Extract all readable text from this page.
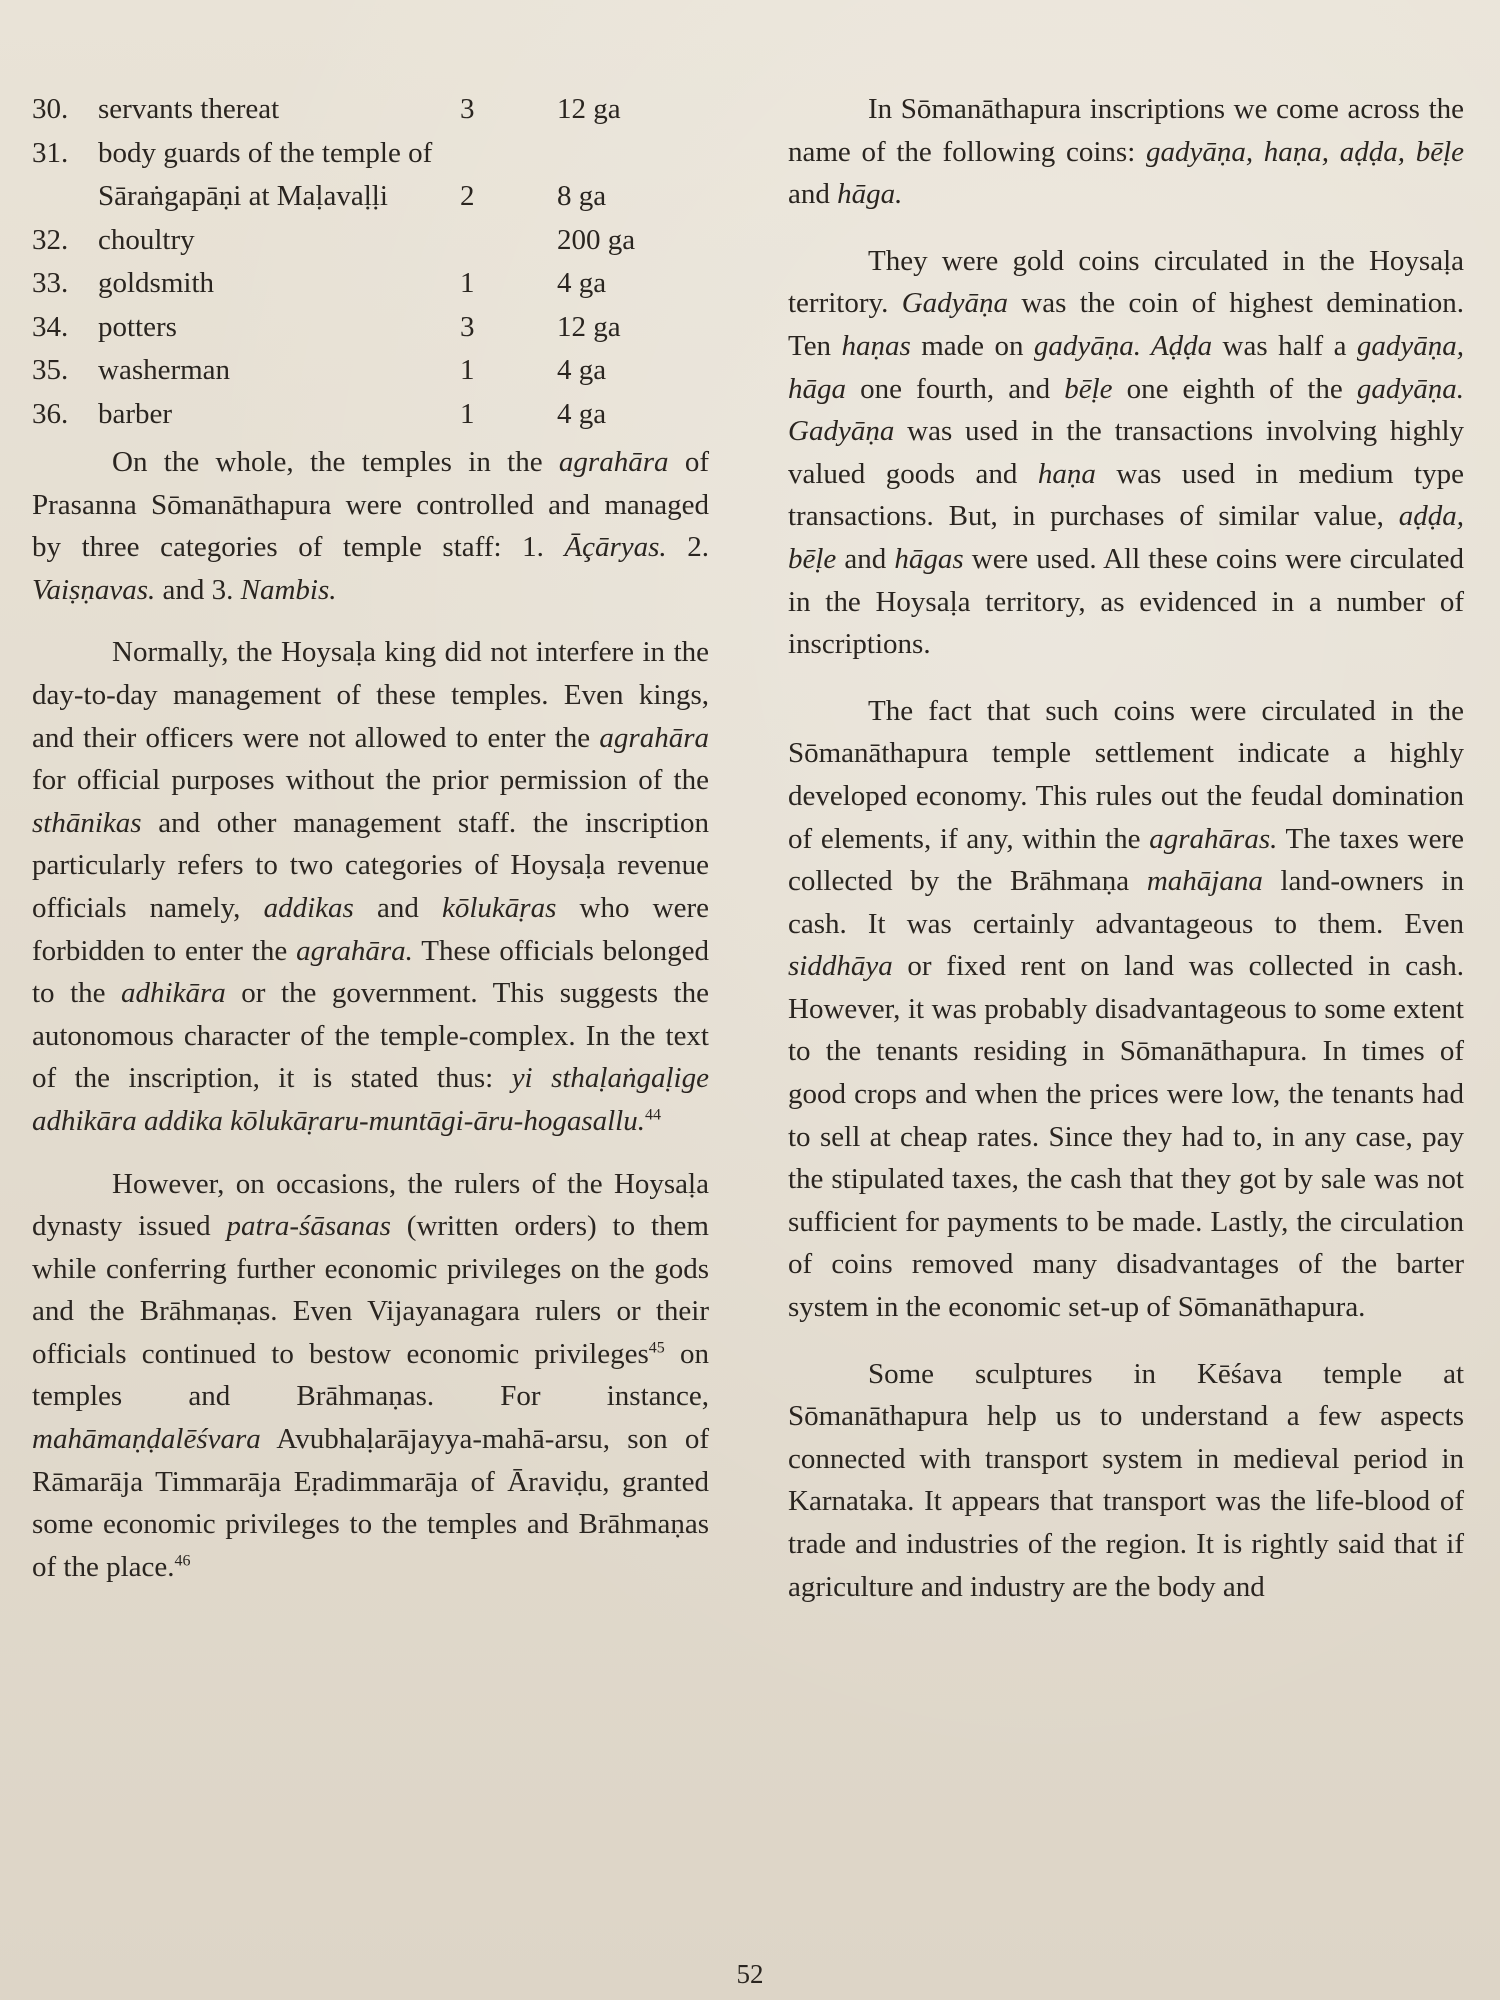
30.	servants thereat	3	12 ga
31.	body guards of the temple of Sāraṅgapāṇi at Maḷavaḷḷi	2	8 ga
32.	choultry		200 ga
33.	goldsmith	1	4 ga
34.	potters	3	12 ga
35.	washerman	1	4 ga
36.	barber	1	4 ga

On the whole, the temples in the agrahāra of Prasanna Sōmanāthapura were controlled and managed by three categories of temple staff: 1. Āçāryas. 2. Vaiṣṇavas. and 3. Nambis.

Normally, the Hoysaḷa king did not interfere in the day-to-day management of these temples. Even kings, and their officers were not allowed to enter the agrahāra for official purposes without the prior permission of the sthānikas and other management staff. the inscription particularly refers to two categories of Hoysaḷa revenue officials namely, addikas and kōlukāṛas who were forbidden to enter the agrahāra. These officials belonged to the adhikāra or the government. This suggests the autonomous character of the temple-complex. In the text of the inscription, it is stated thus: yi sthaḷaṅgaḷige adhikāra addika kōlukāṛaru-muntāgi-āru-hogasallu.$^{44}$

However, on occasions, the rulers of the Hoysaḷa dynasty issued patra-śāsanas (written orders) to them while conferring further economic privileges on the gods and the Brāhmaṇas. Even Vijayanagara rulers or their officials continued to bestow economic privileges$^{45}$ on temples and Brāhmaṇas. For instance, mahāmaṇḍalēśvara Avubhaḷarājayya-mahā-arsu, son of Rāmarāja Timmarāja Eṛadimmarāja of Āraviḍu, granted some economic privileges to the temples and Brāhmaṇas of the place.$^{46}$

In Sōmanāthapura inscriptions we come across the name of the following coins: gadyāṇa, haṇa, aḍḍa, bēḷe and hāga.

They were gold coins circulated in the Hoysaḷa territory. Gadyāṇa was the coin of highest demination. Ten haṇas made on gadyāṇa. Aḍḍa was half a gadyāṇa, hāga one fourth, and bēḷe one eighth of the gadyāṇa. Gadyāṇa was used in the transactions involving highly valued goods and haṇa was used in medium type transactions. But, in purchases of similar value, aḍḍa, bēḷe and hāgas were used. All these coins were circulated in the Hoysaḷa territory, as evidenced in a number of inscriptions.

The fact that such coins were circulated in the Sōmanāthapura temple settlement indicate a highly developed economy. This rules out the feudal domination of elements, if any, within the agrahāras. The taxes were collected by the Brāhmaṇa mahājana land-owners in cash. It was certainly advantageous to them. Even siddhāya or fixed rent on land was collected in cash. However, it was probably disadvantageous to some extent to the tenants residing in Sōmanāthapura. In times of good crops and when the prices were low, the tenants had to sell at cheap rates. Since they had to, in any case, pay the stipulated taxes, the cash that they got by sale was not sufficient for payments to be made. Lastly, the circulation of coins removed many disadvantages of the barter system in the economic set-up of Sōmanāthapura.

Some sculptures in Kēśava temple at Sōmanāthapura help us to understand a few aspects connected with transport system in medieval period in Karnataka. It appears that transport was the life-blood of trade and industries of the region. It is rightly said that if agriculture and industry are the body and

52
